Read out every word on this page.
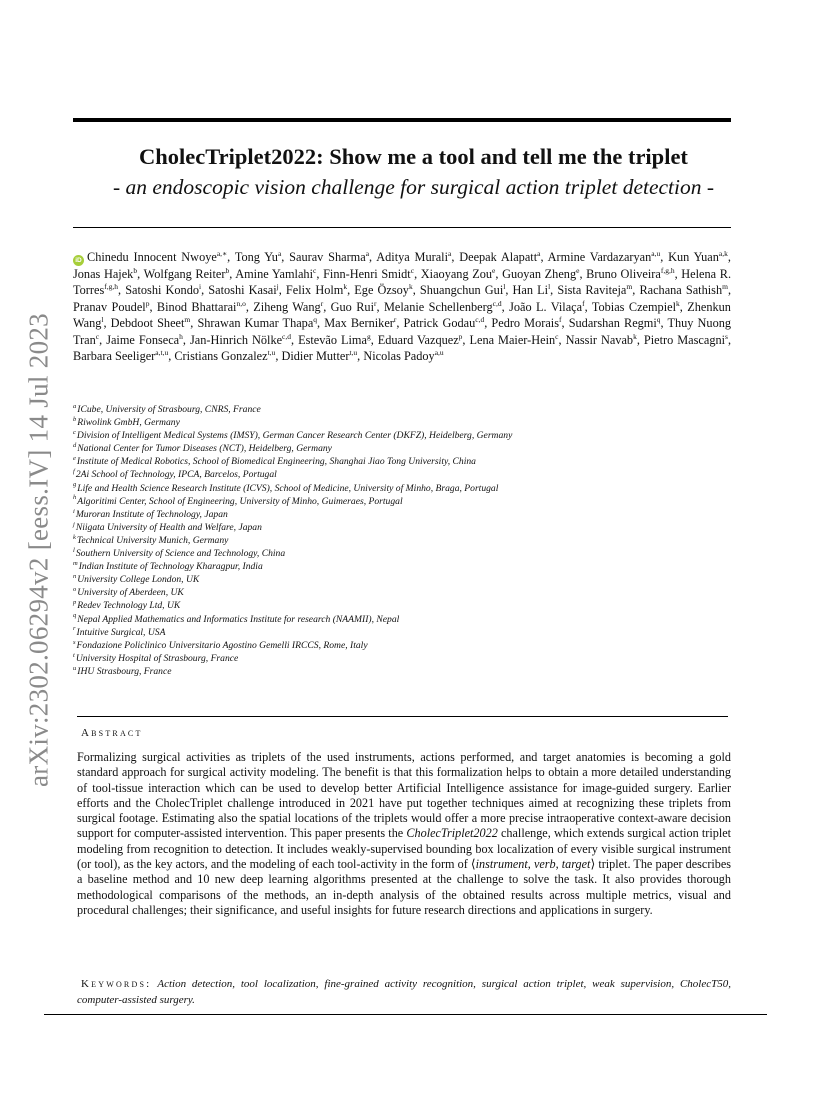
arXiv:2302.06294v2 [eess.IV] 14 Jul 2023
CholecTriplet2022: Show me a tool and tell me the triplet
- an endoscopic vision challenge for surgical action triplet detection -
iD Chinedu Innocent Nwoye$^{a,∗}$, Tong Yu$^a$, Saurav Sharma$^a$, Aditya Murali$^a$, Deepak Alapatt$^a$, Armine Vardazaryan$^{a,u}$, Kun Yuan$^{a,k}$, Jonas Hajek$^b$, Wolfgang Reiter$^b$, Amine Yamlahi$^c$, Finn-Henri Smidt$^c$, Xiaoyang Zou$^e$, Guoyan Zheng$^e$, Bruno Oliveira$^{f,g,h}$, Helena R. Torres$^{f,g,h}$, Satoshi Kondo$^i$, Satoshi Kasai$^j$, Felix Holm$^k$, Ege Özsoy$^k$, Shuangchun Gui$^l$, Han Li$^l$, Sista Raviteja$^m$, Rachana Sathish$^m$, Pranav Poudel$^p$, Binod Bhattarai$^{n,o}$, Ziheng Wang$^r$, Guo Rui$^r$, Melanie Schellenberg$^{c,d}$, João L. Vilaça$^f$, Tobias Czempiel$^k$, Zhenkun Wang$^l$, Debdoot Sheet$^m$, Shrawan Kumar Thapa$^q$, Max Berniker$^r$, Patrick Godau$^{c,d}$, Pedro Morais$^f$, Sudarshan Regmi$^q$, Thuy Nuong Tran$^c$, Jaime Fonseca$^h$, Jan-Hinrich Nölke$^{c,d}$, Estevão Lima$^g$, Eduard Vazquez$^p$, Lena Maier-Hein$^c$, Nassir Navab$^k$, Pietro Mascagni$^s$, Barbara Seeliger$^{a,t,u}$, Cristians Gonzalez$^{t,u}$, Didier Mutter$^{t,u}$, Nicolas Padoy$^{a,u}$
$^a$ICube, University of Strasbourg, CNRS, France
$^b$Riwolink GmbH, Germany
$^c$Division of Intelligent Medical Systems (IMSY), German Cancer Research Center (DKFZ), Heidelberg, Germany
$^d$National Center for Tumor Diseases (NCT), Heidelberg, Germany
$^e$Institute of Medical Robotics, School of Biomedical Engineering, Shanghai Jiao Tong University, China
$^f$2Ai School of Technology, IPCA, Barcelos, Portugal
$^g$Life and Health Science Research Institute (ICVS), School of Medicine, University of Minho, Braga, Portugal
$^h$Algoritimi Center, School of Engineering, University of Minho, Guimeraes, Portugal
$^i$Muroran Institute of Technology, Japan
$^j$Niigata University of Health and Welfare, Japan
$^k$Technical University Munich, Germany
$^l$Southern University of Science and Technology, China
$^m$Indian Institute of Technology Kharagpur, India
$^n$University College London, UK
$^o$University of Aberdeen, UK
$^p$Redev Technology Ltd, UK
$^q$Nepal Applied Mathematics and Informatics Institute for research (NAAMII), Nepal
$^r$Intuitive Surgical, USA
$^s$Fondazione Policlinico Universitario Agostino Gemelli IRCCS, Rome, Italy
$^t$University Hospital of Strasbourg, France
$^u$IHU Strasbourg, France
Abstract

Formalizing surgical activities as triplets of the used instruments, actions performed, and target anatomies is becoming a gold standard approach for surgical activity modeling. The benefit is that this formalization helps to obtain a more detailed understanding of tool-tissue interaction which can be used to develop better Artificial Intelligence assistance for image-guided surgery. Earlier efforts and the CholecTriplet challenge introduced in 2021 have put together techniques aimed at recognizing these triplets from surgical footage. Estimating also the spatial locations of the triplets would offer a more precise intraoperative context-aware decision support for computer-assisted intervention. This paper presents the CholecTriplet2022 challenge, which extends surgical action triplet modeling from recognition to detection. It includes weakly-supervised bounding box localization of every visible surgical instrument (or tool), as the key actors, and the modeling of each tool-activity in the form of ⟨instrument, verb, target⟩ triplet. The paper describes a baseline method and 10 new deep learning algorithms presented at the challenge to solve the task. It also provides thorough methodological comparisons of the methods, an in-depth analysis of the obtained results across multiple metrics, visual and procedural challenges; their significance, and useful insights for future research directions and applications in surgery.

Keywords: Action detection, tool localization, fine-grained activity recognition, surgical action triplet, weak supervision, CholecT50, computer-assisted surgery.
